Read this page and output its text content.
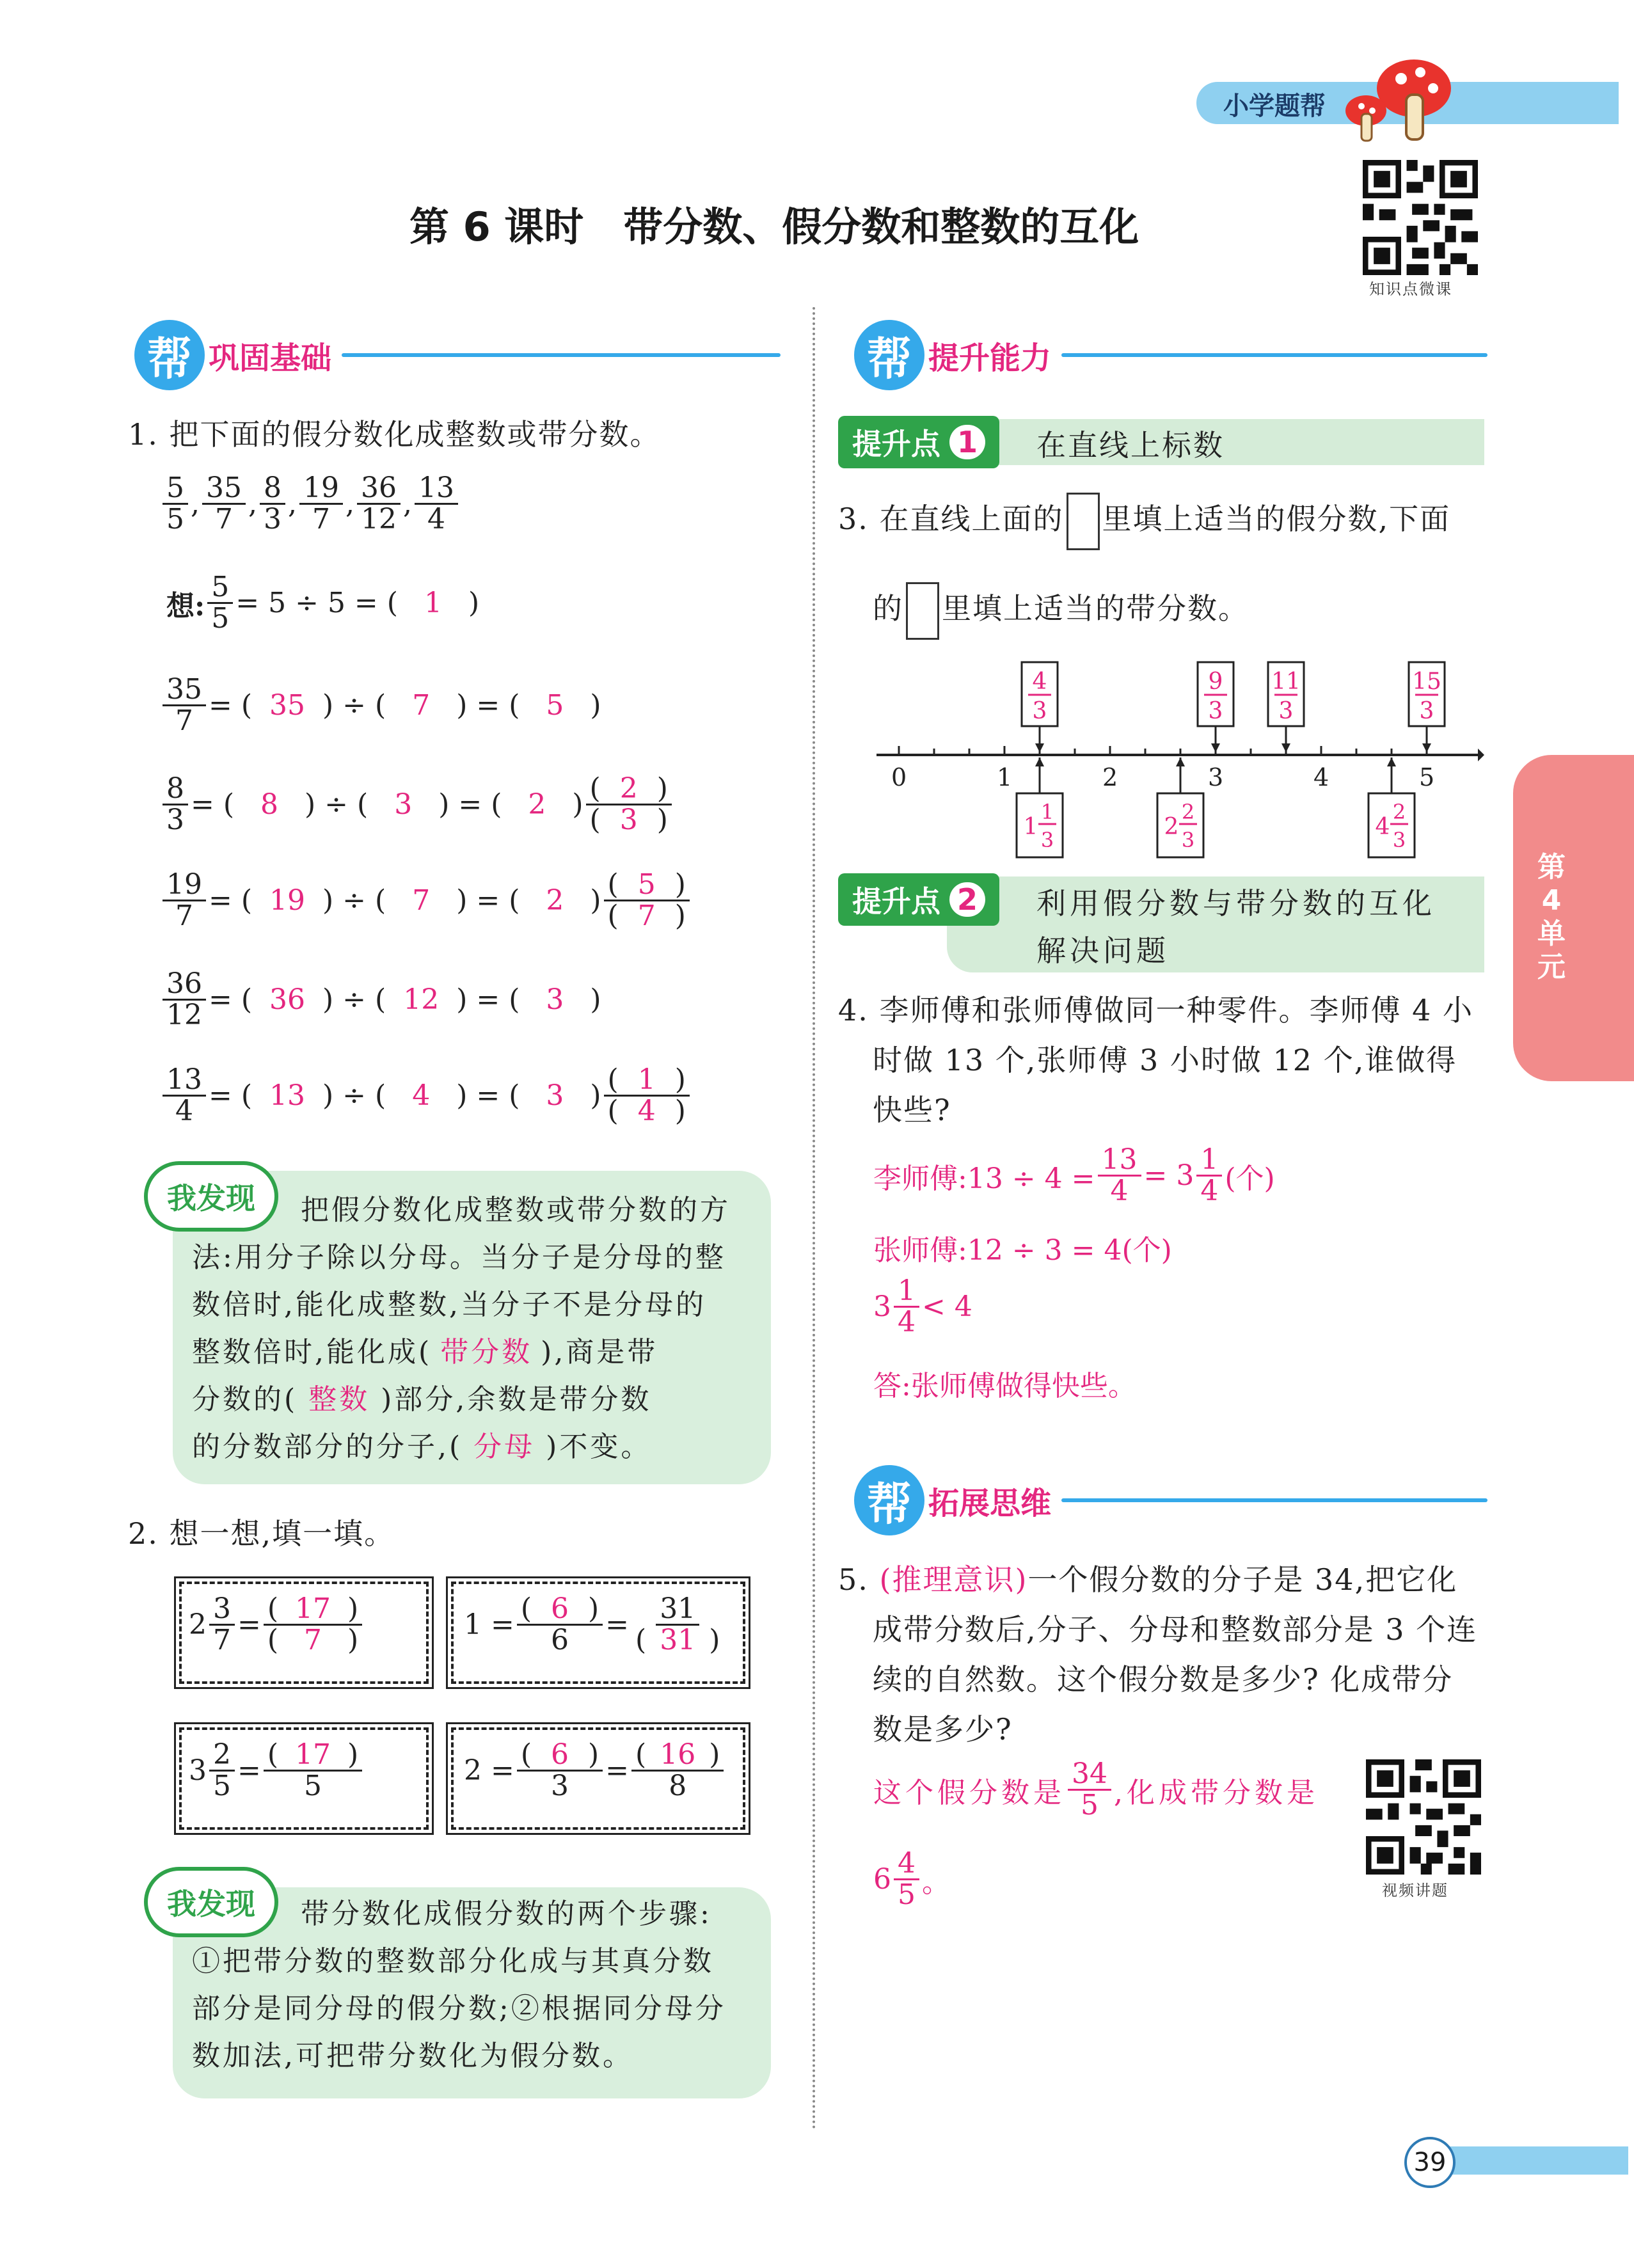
小学题帮
第 6 课时　带分数、假分数和整数的互化
知识点微课
第
4
单
元
帮 巩固基础
1. 把下面的假分数化成整数或带分数。
$\frac{5}{5}$ , $\frac{35}{7}$ , $\frac{8}{3}$ , $\frac{19}{7}$ , $\frac{36}{12}$ , $\frac{13}{4}$
想: $\frac{5}{5} = 5 \div 5$ = ( 1 )
$\frac{35}{7}$ = ( 35 ) ÷ ( 7 ) = ( 5 )
$\frac{8}{3}$ = ( 8 ) ÷ ( 3 ) = ( 2 ) $\frac{( 2 )}{( 3 )}$
$\frac{19}{7}$ = ( 19 ) ÷ ( 7 ) = ( 2 ) $\frac{( 5 )}{( 7 )}$
$\frac{36}{12}$ = ( 36 ) ÷ ( 12 ) = ( 3 )
$\frac{13}{4}$ = ( 13 ) ÷ ( 4 ) = ( 3 ) $\frac{( 1 )}{( 4 )}$
我发现	把假分数化成整数或带分数的方
法:用分子除以分母。当分子是分母的整
数倍时,能化成整数,当分子不是分母的
整数倍时,能化成( 带分数 ),商是带
分数的( 整数 )部分,余数是带分数
的分数部分的分子,( 分母 )不变。
2. 想一想,填一填。
$2 \frac{3}{7} = \frac{( 17 )}{( 7 )}$	$1 = \frac{( 6 )}{6} = \frac{31}{( 31 )}$
$3 \frac{2}{5} = \frac{( 17 )}{5}$	$2 = \frac{( 6 )}{3} = \frac{( 16 )}{8}$
我发现	带分数化成假分数的两个步骤:
①把带分数的整数部分化成与其真分数
部分是同分母的假分数;②根据同分母分
数加法,可把带分数化为假分数。
帮 提升能力
提升点 1 在直线上标数
3. 在直线上面的 里填上适当的假分数,下面
的 里填上适当的带分数。
0	1	2	3	4	5
4
3
9
3
11
3
15
3
1
1
3	2
2
3	4
2
3
提升点 2 利用假分数与带分数的互化
解决问题
4. 李师傅和张师傅做同一种零件。李师傅 4 小
时做 13 个,张师傅 3 小时做 12 个,谁做得
快些?
李师傅:13 ÷ $4 = \frac{13}{4} = 3 \frac{1}{4}$ (个)
张师傅:12 ÷ 3 = 4(个)
$3 \frac{1}{4} < 4$
答:张师傅做得快些。
帮 拓展思维
5. (推理意识)一个假分数的分子是 34,把它化
成带分数后,分子、分母和整数部分是 3 个连
续的自然数。这个假分数是多少? 化成带分
数是多少?
这个假分数是 $\frac{34}{5}$ ,化成带分数是
$6 \frac{4}{5}$ 。	视频讲题
39
